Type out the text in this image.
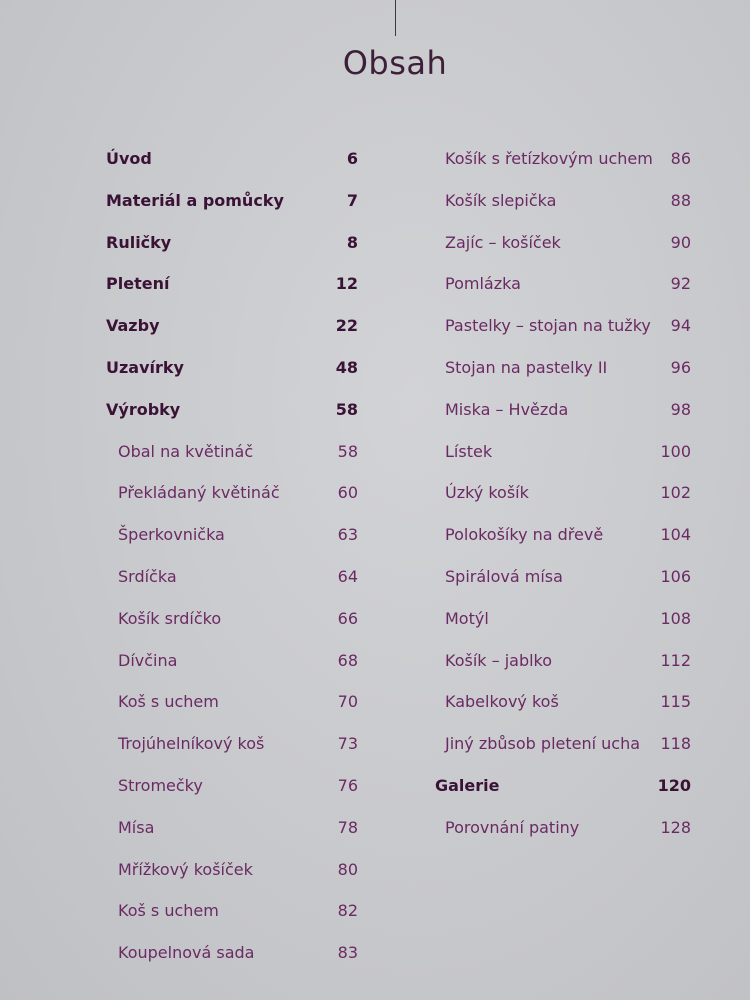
Obsah
Úvod	6
Materiál a pomůcky	7
Ruličky	8
Pletení	12
Vazby	22
Uzavírky	48
Výrobky	58
Obal na květináč	58
Překládaný květináč	60
Šperkovnička	63
Srdíčka	64
Košík srdíčko	66
Dívčina	68
Koš s uchem	70
Trojúhelníkový koš	73
Stromečky	76
Mísa	78
Mřížkový košíček	80
Koš s uchem	82
Koupelnová sada	83
Košík s řetízkovým uchem 86
Košík slepička	88
Zajíc – košíček	90
Pomlázka	92
Pastelky – stojan na tužky 94
Stojan na pastelky II	96
Miska – Hvězda	98
Lístek	100
Úzký košík	102
Polokošíky na dřevě	104
Spirálová mísa	106
Motýl	108
Košík – jablko	112
Kabelkový koš	115
Jiný zbůsob pletení ucha 118
Galerie	120
Porovnání patiny	128
